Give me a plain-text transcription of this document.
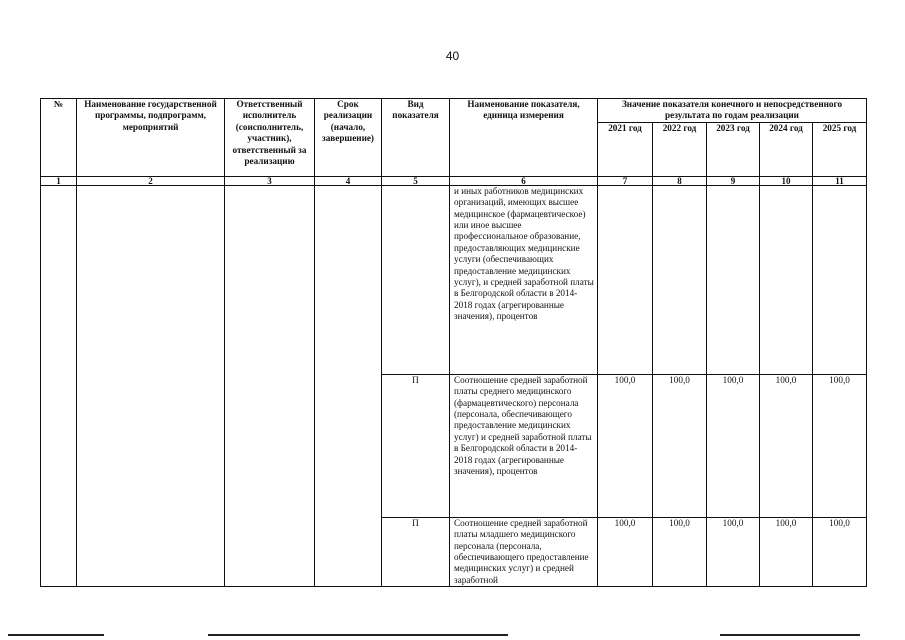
40
№	Наименование государственной программы, подпрограмм, мероприятий	Ответственный исполнитель (соисполнитель, участник), ответственный за реализацию	Срок реализации (начало, завершение)	Вид показателя	Наименование показателя, единица измерения	Значение показателя конечного и непосредственного результата по годам реализации				
						2021 год	2022 год	2023 год	2024 год	2025 год
1	2	3	4	5	6	7	8	9	10	11
					и иных работников медицинских организаций, имеющих высшее медицинское (фармацевтическое) или иное высшее профессиональное образование, предоставляющих медицинские услуги (обеспечивающих предоставление медицинских услуг), и средней заработной платы в Белгородской области в 2014-2018 годах (агрегированные значения), процентов					
				П	Соотношение средней заработной платы среднего медицинского (фармацевтического) персонала (персонала, обеспечивающего предоставление медицинских услуг) и средней заработной платы в Белгородской области в 2014-2018 годах (агрегированные значения), процентов	100,0	100,0	100,0	100,0	100,0
				П	Соотношение средней заработной платы младшего медицинского персонала (персонала, обеспечивающего предоставление медицинских услуг) и средней заработной	100,0	100,0	100,0	100,0	100,0
